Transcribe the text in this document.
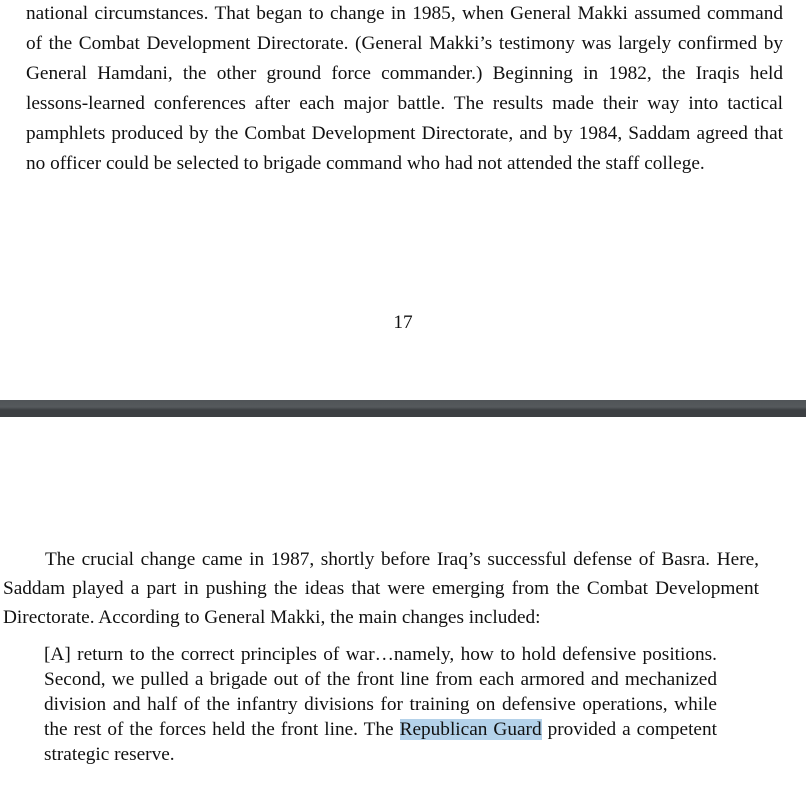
national circumstances. That began to change in 1985, when General Makki assumed command of the Combat Development Directorate. (General Makki’s testimony was largely confirmed by General Hamdani, the other ground force commander.) Beginning in 1982, the Iraqis held lessons-learned conferences after each major battle. The results made their way into tactical pamphlets produced by the Combat Development Directorate, and by 1984, Saddam agreed that no officer could be selected to brigade command who had not attended the staff college.

17

The crucial change came in 1987, shortly before Iraq’s successful defense of Basra. Here, Saddam played a part in pushing the ideas that were emerging from the Combat Development Directorate. According to General Makki, the main changes included:

[A] return to the correct principles of war…namely, how to hold defensive positions. Second, we pulled a brigade out of the front line from each armored and mechanized division and half of the infantry divisions for training on defensive operations, while the rest of the forces held the front line. The Republican Guard provided a competent strategic reserve.
